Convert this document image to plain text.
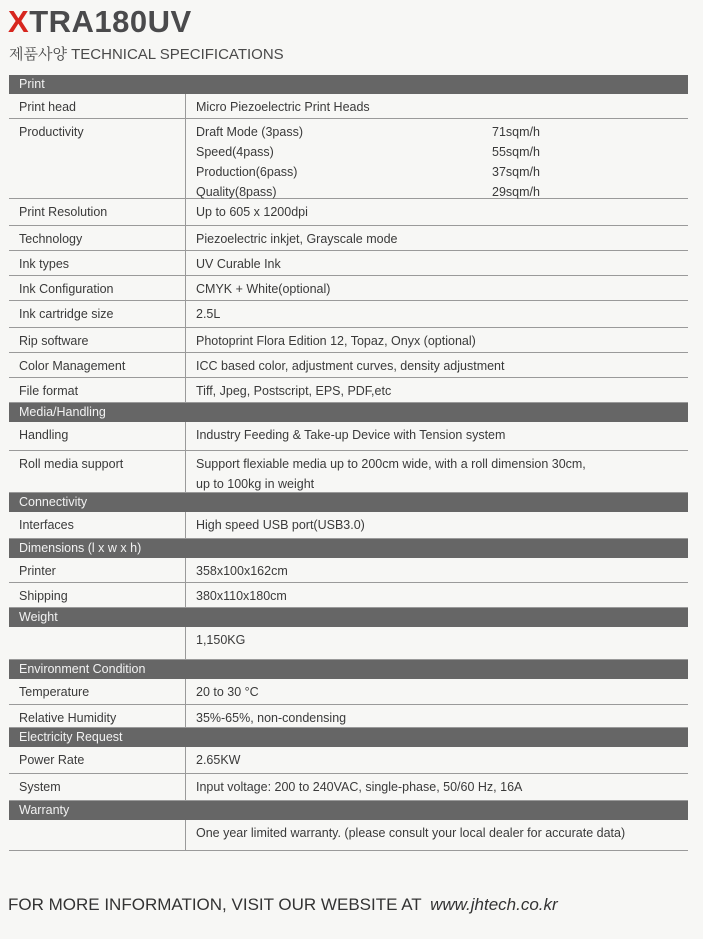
XTRA180UV
제품사양 TECHNICAL SPECIFICATIONS
Print
Print head	Micro Piezoelectric Print Heads
Productivity	Draft Mode (3pass)	71sqm/h
Speed(4pass)	55sqm/h
Production(6pass)	37sqm/h
Quality(8pass)	29sqm/h
Print Resolution	Up to 605 x 1200dpi
Technology	Piezoelectric inkjet, Grayscale mode
Ink types	UV Curable Ink
Ink Configuration	CMYK + White(optional)
Ink cartridge size	2.5L
Rip software	Photoprint Flora Edition 12, Topaz, Onyx (optional)
Color Management	ICC based color, adjustment curves, density adjustment
File format	Tiff, Jpeg, Postscript, EPS, PDF,etc
Media/Handling
Handling	Industry Feeding & Take-up Device with Tension system
Roll media support	Support flexiable media up to 200cm wide, with a roll dimension 30cm,
up to 100kg in weight
Connectivity
Interfaces	High speed USB port(USB3.0)
Dimensions (l x w x h)
Printer	358x100x162cm
Shipping	380x110x180cm
Weight
1,150KG
Environment Condition
Temperature	20 to 30 °C
Relative Humidity	35%-65%, non-condensing
Electricity Request
Power Rate	2.65KW
System	Input voltage: 200 to 240VAC, single-phase, 50/60 Hz, 16A
Warranty
One year limited warranty. (please consult your local dealer for accurate data)
FOR MORE INFORMATION, VISIT OUR WEBSITE AT www.jhtech.co.kr
